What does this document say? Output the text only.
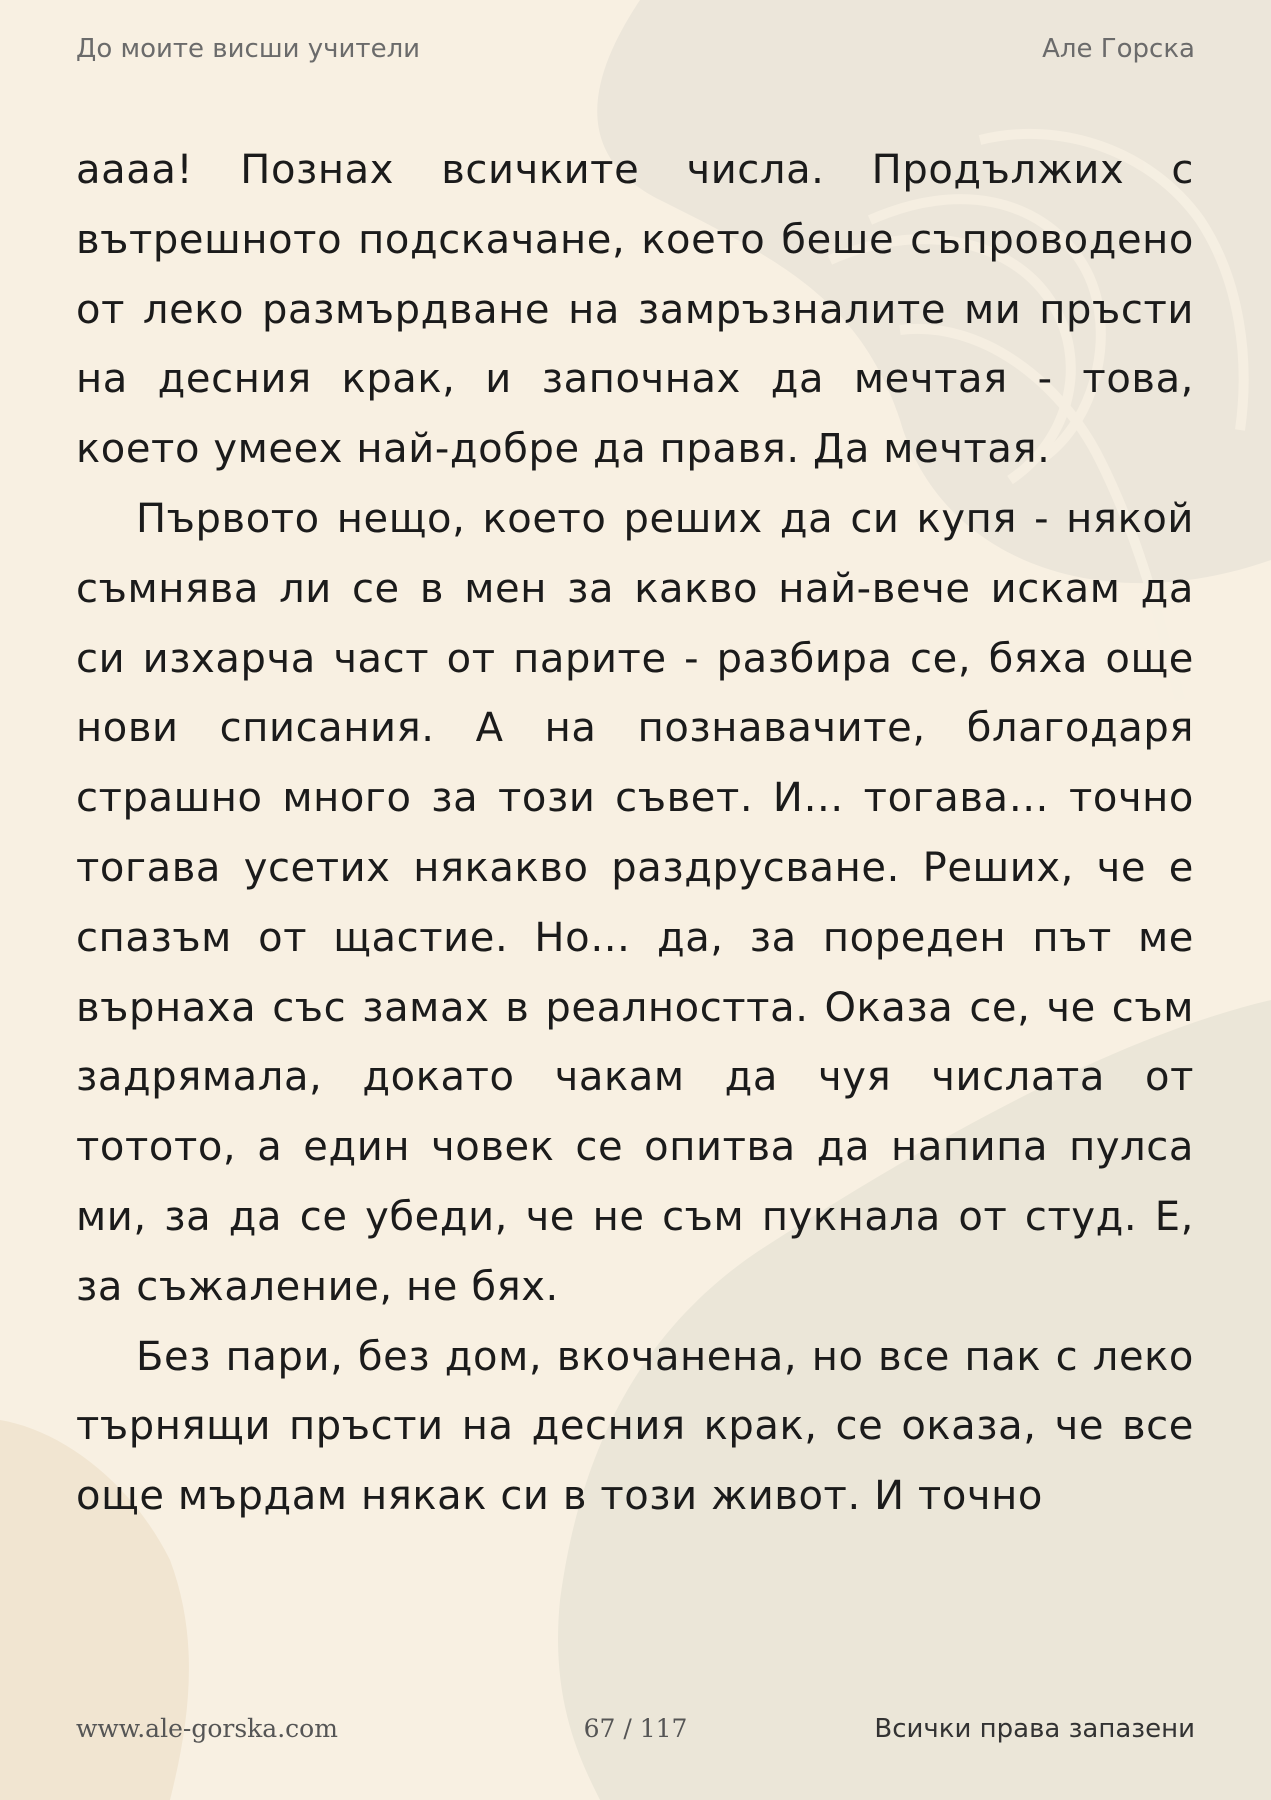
До моите висши учители	Але Горска

аааа! Познах всичките числа. Продължих с вътрешното подскачане, което беше съпроводено от леко размърдване на замръзналите ми пръсти на десния крак, и започнах да мечтая - това, което умеех най-добре да правя. Да мечтая.

Първото нещо, което реших да си купя - някой съмнява ли се в мен за какво най-вече искам да си изхарча част от парите - разбира се, бяха още нови списания. А на познавачите, благодаря страшно много за този съвет. И… тогава… точно тогава усетих някакво раздрусване. Реших, че е спазъм от щастие. Но… да, за пореден път ме върнаха със замах в реалността. Оказа се, че съм задрямала, докато чакам да чуя числата от тотото, а един човек се опитва да напипа пулса ми, за да се убеди, че не съм пукнала от студ. Е, за съжаление, не бях.

Без пари, без дом, вкочанена, но все пак с леко търнящи пръсти на десния крак, се оказа, че все още мърдам някак си в този живот. И точно

www.ale-gorska.com	67 / 117	Всички права запазени
